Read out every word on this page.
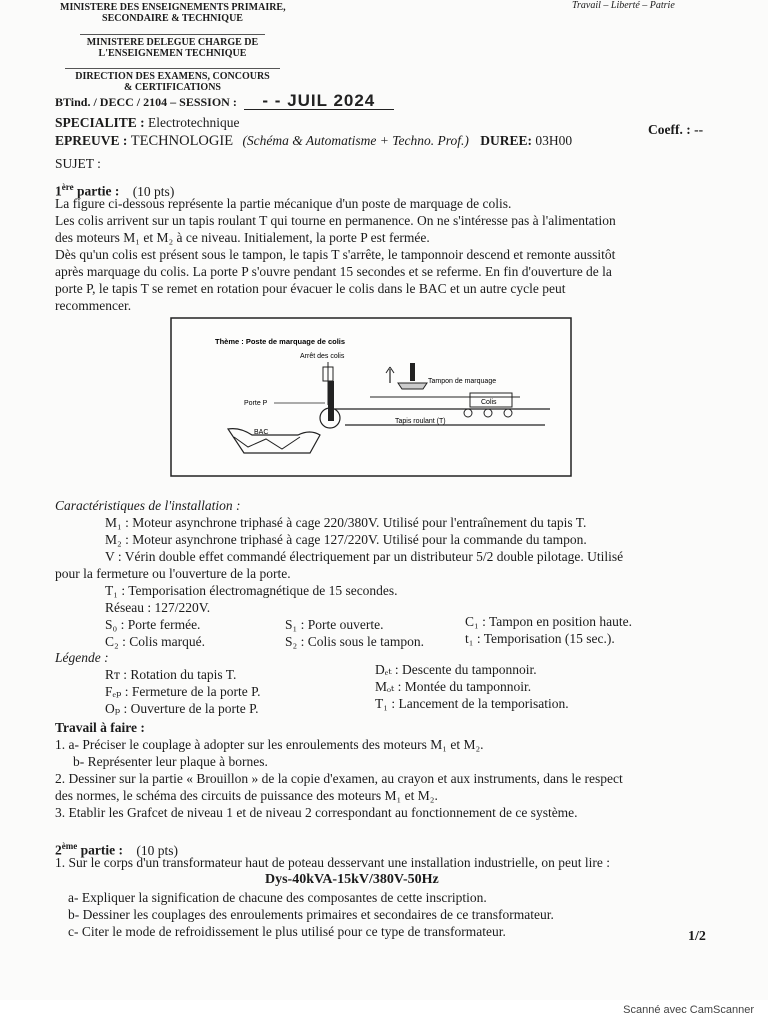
MINISTERE DES ENSEIGNEMENTS PRIMAIRE,
SECONDAIRE & TECHNIQUE
MINISTERE DELEGUE CHARGE DE
L'ENSEIGNEMEN TECHNIQUE
DIRECTION DES EXAMENS, CONCOURS
& CERTIFICATIONS
Travail – Liberté – Patrie
BTind. / DECC / 2104 – SESSION : - - JUIL 2024
SPECIALITE : Electrotechnique
EPREUVE : TECHNOLOGIE (Schéma & Automatisme + Techno. Prof.) DUREE: 03H00
Coeff. : --
SUJET :
1ère partie : (10 pts)
La figure ci-dessous représente la partie mécanique d'un poste de marquage de colis.
Les colis arrivent sur un tapis roulant T qui tourne en permanence. On ne s'intéresse pas à l'alimentation
des moteurs M₁ et M₂ à ce niveau. Initialement, la porte P est fermée.
Dès qu'un colis est présent sous le tampon, le tapis T s'arrête, le tamponnoir descend et remonte aussitôt
après marquage du colis. La porte P s'ouvre pendant 15 secondes et se referme. En fin d'ouverture de la
porte P, le tapis T se remet en rotation pour évacuer le colis dans le BAC et un autre cycle peut
recommencer.
Thème : Poste de marquage de colis
Arrêt des colis
Porte P
Tampon de marquage
Colis
Tapis roulant (T)
BAC
Caractéristiques de l'installation :
M₁ : Moteur asynchrone triphasé à cage 220/380V. Utilisé pour l'entraînement du tapis T.
M₂ : Moteur asynchrone triphasé à cage 127/220V. Utilisé pour la commande du tampon.
V : Vérin double effet commandé électriquement par un distributeur 5/2 double pilotage. Utilisé
pour la fermeture ou l'ouverture de la porte.
T₁ : Temporisation électromagnétique de 15 secondes.
Réseau : 127/220V.
S₀ : Porte fermée.	S₁ : Porte ouverte.	C₁ : Tampon en position haute.
C₂ : Colis marqué.	S₂ : Colis sous le tampon.	t₁ : Temporisation (15 sec.).
Légende :
Rᴛ : Rotation du tapis T.	Dₑₜ : Descente du tamponnoir.
Fₑₚ : Fermeture de la porte P.	Mₒₜ : Montée du tamponnoir.
Oₚ : Ouverture de la porte P.	T₁ : Lancement de la temporisation.
Travail à faire :
1. a- Préciser le couplage à adopter sur les enroulements des moteurs M₁ et M₂.
b- Représenter leur plaque à bornes.
2. Dessiner sur la partie « Brouillon » de la copie d'examen, au crayon et aux instruments, dans le respect
des normes, le schéma des circuits de puissance des moteurs M₁ et M₂.
3. Etablir les Grafcet de niveau 1 et de niveau 2 correspondant au fonctionnement de ce système.
2ème partie : (10 pts)
1. Sur le corps d'un transformateur haut de poteau desservant une installation industrielle, on peut lire :
Dys-40kVA-15kV/380V-50Hz
a- Expliquer la signification de chacune des composantes de cette inscription.
b- Dessiner les couplages des enroulements primaires et secondaires de ce transformateur.
c- Citer le mode de refroidissement le plus utilisé pour ce type de transformateur.	1/2
Scanné avec CamScanner
